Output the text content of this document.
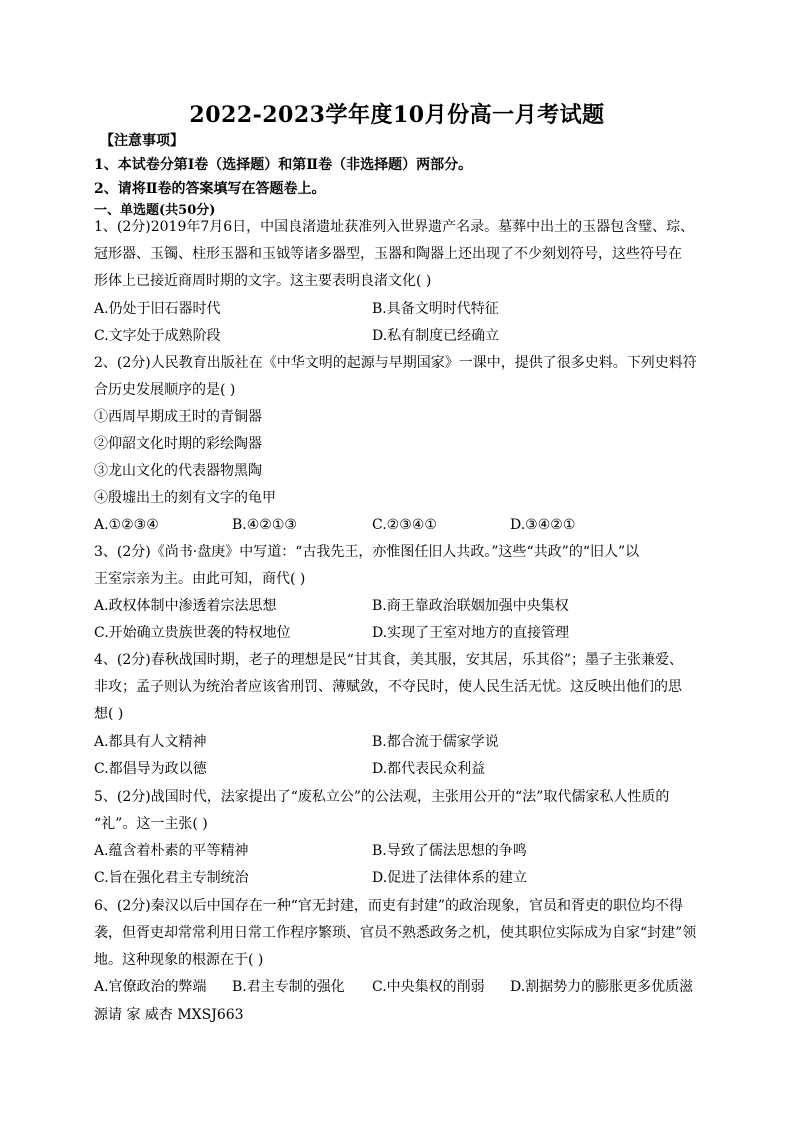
2022-2023学年度10月份高一月考试题
【注意事项】
1、本试卷分第Ⅰ卷（选择题）和第Ⅱ卷（非选择题）两部分。
2、请将Ⅱ卷的答案填写在答题卷上。
一、单选题(共50分)
1、(2分)2019年7月6日，中国良渚遗址获准列入世界遗产名录。墓葬中出土的玉器包含璧、琮、
冠形器、玉镯、柱形玉器和玉钺等诸多器型，玉器和陶器上还出现了不少刻划符号，这些符号在
形体上已接近商周时期的文字。这主要表明良渚文化( )
A.仍处于旧石器时代	B.具备文明时代特征
C.文字处于成熟阶段	D.私有制度已经确立
2、(2分)人民教育出版社在《中华文明的起源与早期国家》一课中，提供了很多史料。下列史料符
合历史发展顺序的是( )
①西周早期成王时的青铜器
②仰韶文化时期的彩绘陶器
③龙山文化的代表器物黑陶
④殷墟出土的刻有文字的龟甲
A.①②③④	B.④②①③	C.②③④①	D.③④②①
3、(2分)《尚书·盘庚》中写道：“古我先王，亦惟图任旧人共政。”这些“共政”的“旧人”以
王室宗亲为主。由此可知，商代( )
A.政权体制中渗透着宗法思想	B.商王靠政治联姻加强中央集权
C.开始确立贵族世袭的特权地位	D.实现了王室对地方的直接管理
4、(2分)春秋战国时期，老子的理想是民“甘其食，美其服，安其居，乐其俗”；墨子主张兼爱、
非攻；孟子则认为统治者应该省刑罚、薄赋敛，不夺民时，使人民生活无忧。这反映出他们的思
想( )
A.都具有人文精神	B.都合流于儒家学说
C.都倡导为政以德	D.都代表民众利益
5、(2分)战国时代，法家提出了“废私立公”的公法观，主张用公开的“法”取代儒家私人性质的
“礼”。这一主张( )
A.蕴含着朴素的平等精神	B.导致了儒法思想的争鸣
C.旨在强化君主专制统治	D.促进了法律体系的建立
6、(2分)秦汉以后中国存在一种“官无封建，而吏有封建”的政治现象，官员和胥吏的职位均不得
袭，但胥吏却常常利用日常工作程序繁琐、官员不熟悉政务之机，使其职位实际成为自家“封建”领
地。这种现象的根源在于( )
A.官僚政治的弊端 B.君主专制的强化 C.中央集权的削弱 D.割据势力的膨胀更多优质滋
源请 家 威杏 MXSJ663
